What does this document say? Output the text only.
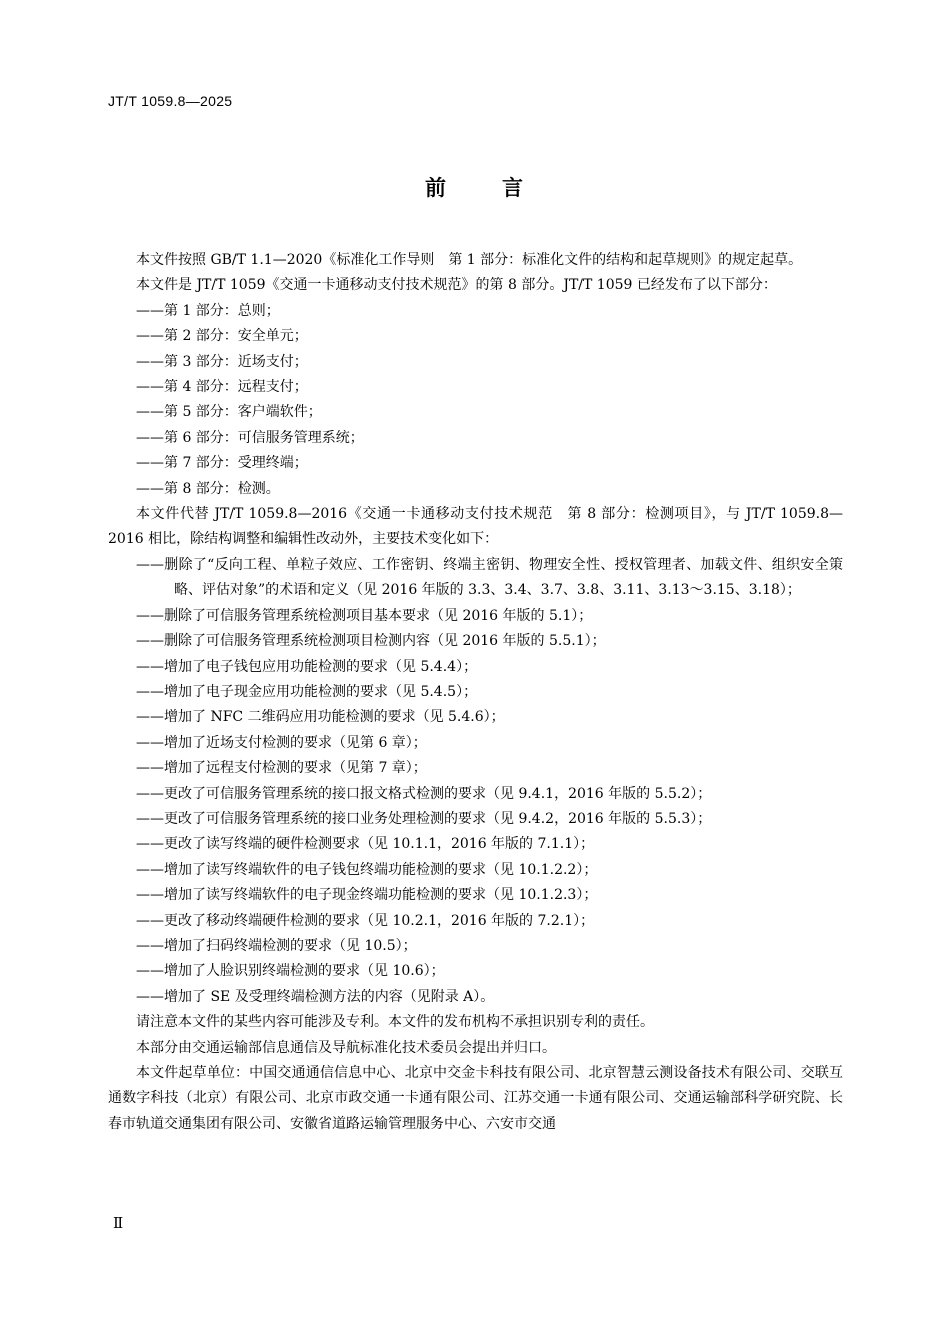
JT/T 1059.8—2025
前	言

本文件按照 GB/T 1.1—2020《标准化工作导则　第 1 部分：标准化文件的结构和起草规则》的规定起草。

本文件是 JT/T 1059《交通一卡通移动支付技术规范》的第 8 部分。JT/T 1059 已经发布了以下部分：

——第 1 部分：总则；

——第 2 部分：安全单元；

——第 3 部分：近场支付；

——第 4 部分：远程支付；

——第 5 部分：客户端软件；

——第 6 部分：可信服务管理系统；

——第 7 部分：受理终端；

——第 8 部分：检测。

本文件代替 JT/T 1059.8—2016《交通一卡通移动支付技术规范　第 8 部分：检测项目》，与 JT/T 1059.8—2016 相比，除结构调整和编辑性改动外，主要技术变化如下：

——删除了“反向工程、单粒子效应、工作密钥、终端主密钥、物理安全性、授权管理者、加载文件、组织安全策略、评估对象”的术语和定义（见 2016 年版的 3.3、3.4、3.7、3.8、3.11、3.13～3.15、3.18）；

——删除了可信服务管理系统检测项目基本要求（见 2016 年版的 5.1）；

——删除了可信服务管理系统检测项目检测内容（见 2016 年版的 5.5.1）；

——增加了电子钱包应用功能检测的要求（见 5.4.4）；

——增加了电子现金应用功能检测的要求（见 5.4.5）；

——增加了 NFC 二维码应用功能检测的要求（见 5.4.6）；

——增加了近场支付检测的要求（见第 6 章）；

——增加了远程支付检测的要求（见第 7 章）；

——更改了可信服务管理系统的接口报文格式检测的要求（见 9.4.1，2016 年版的 5.5.2）；

——更改了可信服务管理系统的接口业务处理检测的要求（见 9.4.2，2016 年版的 5.5.3）；

——更改了读写终端的硬件检测要求（见 10.1.1，2016 年版的 7.1.1）；

——增加了读写终端软件的电子钱包终端功能检测的要求（见 10.1.2.2）；

——增加了读写终端软件的电子现金终端功能检测的要求（见 10.1.2.3）；

——更改了移动终端硬件检测的要求（见 10.2.1，2016 年版的 7.2.1）；

——增加了扫码终端检测的要求（见 10.5）；

——增加了人脸识别终端检测的要求（见 10.6）；

——增加了 SE 及受理终端检测方法的内容（见附录 A）。

请注意本文件的某些内容可能涉及专利。本文件的发布机构不承担识别专利的责任。

本部分由交通运输部信息通信及导航标准化技术委员会提出并归口。

本文件起草单位：中国交通通信信息中心、北京中交金卡科技有限公司、北京智慧云测设备技术有限公司、交联互通数字科技（北京）有限公司、北京市政交通一卡通有限公司、江苏交通一卡通有限公司、交通运输部科学研究院、长春市轨道交通集团有限公司、安徽省道路运输管理服务中心、六安市交通

Ⅱ
